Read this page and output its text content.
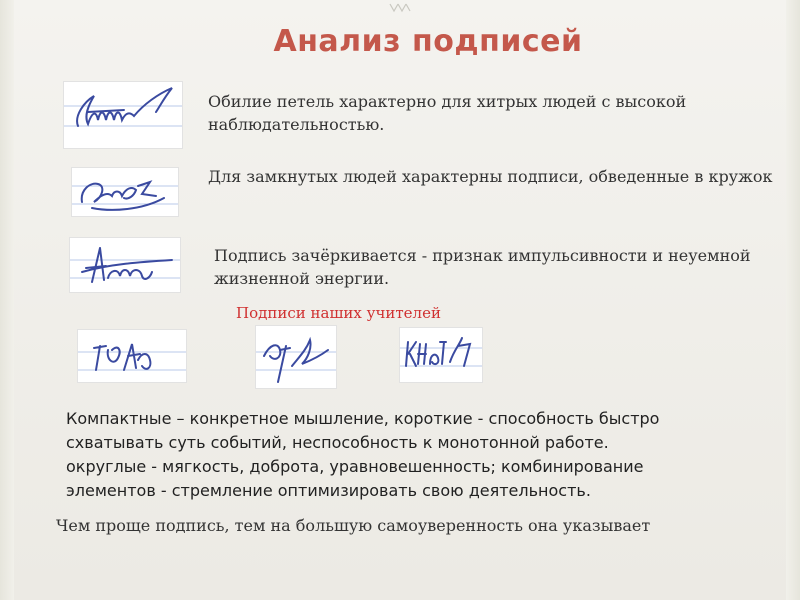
Анализ подписей
Обилие петель характерно для хитрых людей с высокой наблюдательностью.
Для замкнутых людей характерны подписи, обведенные в кружок
Подпись зачёркивается - признак импульсивности и неуемной жизненной энергии.
Подписи наших учителей
Компактные – конкретное мышление, короткие - способность быстро
схватывать суть событий, неспособность к монотонной работе.
округлые - мягкость, доброта, уравновешенность; комбинирование
элементов - стремление оптимизировать свою деятельность.
Чем проще подпись, тем на большую самоуверенность она указывает
